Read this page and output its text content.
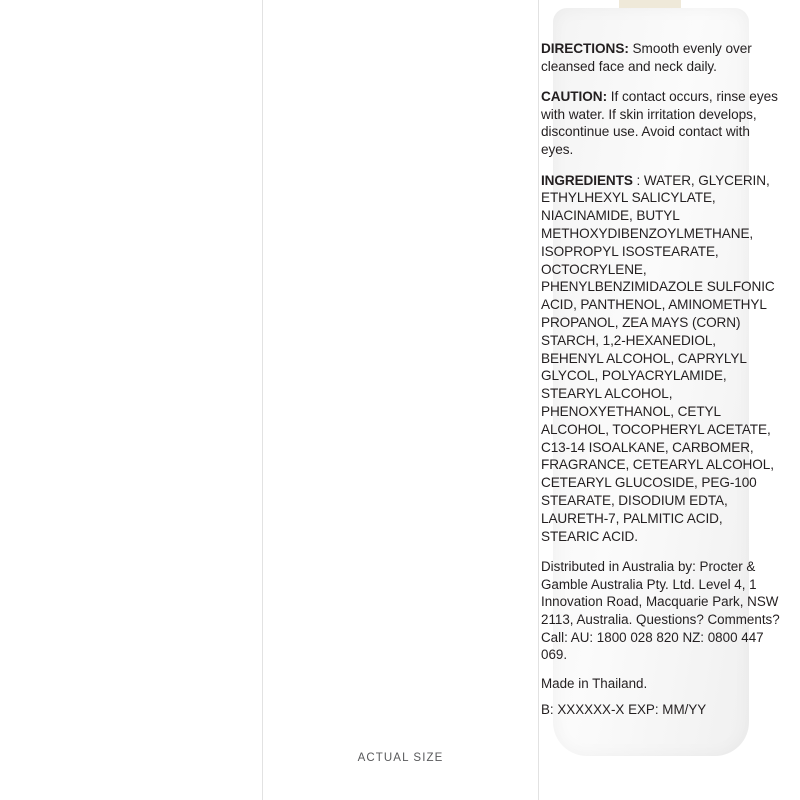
DIRECTIONS: Smooth evenly over cleansed face and neck daily.

CAUTION: If contact occurs, rinse eyes with water. If skin irritation develops, discontinue use. Avoid contact with eyes.

INGREDIENTS : WATER, GLYCERIN, ETHYLHEXYL SALICYLATE, NIACINAMIDE, BUTYL METHOXYDIBENZOYLMETHANE, ISOPROPYL ISOSTEARATE, OCTOCRYLENE, PHENYLBENZIMIDAZOLE SULFONIC ACID, PANTHENOL, AMINOMETHYL PROPANOL, ZEA MAYS (CORN) STARCH, 1,2-HEXANEDIOL, BEHENYL ALCOHOL, CAPRYLYL GLYCOL, POLYACRYLAMIDE, STEARYL ALCOHOL, PHENOXYETHANOL, CETYL ALCOHOL, TOCOPHERYL ACETATE, C13-14 ISOALKANE, CARBOMER, FRAGRANCE, CETEARYL ALCOHOL, CETEARYL GLUCOSIDE, PEG-100 STEARATE, DISODIUM EDTA, LAURETH-7, PALMITIC ACID, STEARIC ACID.

Distributed in Australia by: Procter & Gamble Australia Pty. Ltd. Level 4, 1 Innovation Road, Macquarie Park, NSW 2113, Australia. Questions? Comments? Call: AU: 1800 028 820 NZ: 0800 447 069.

Made in Thailand.

B: XXXXXX-X EXP: MM/YY

ACTUAL SIZE
